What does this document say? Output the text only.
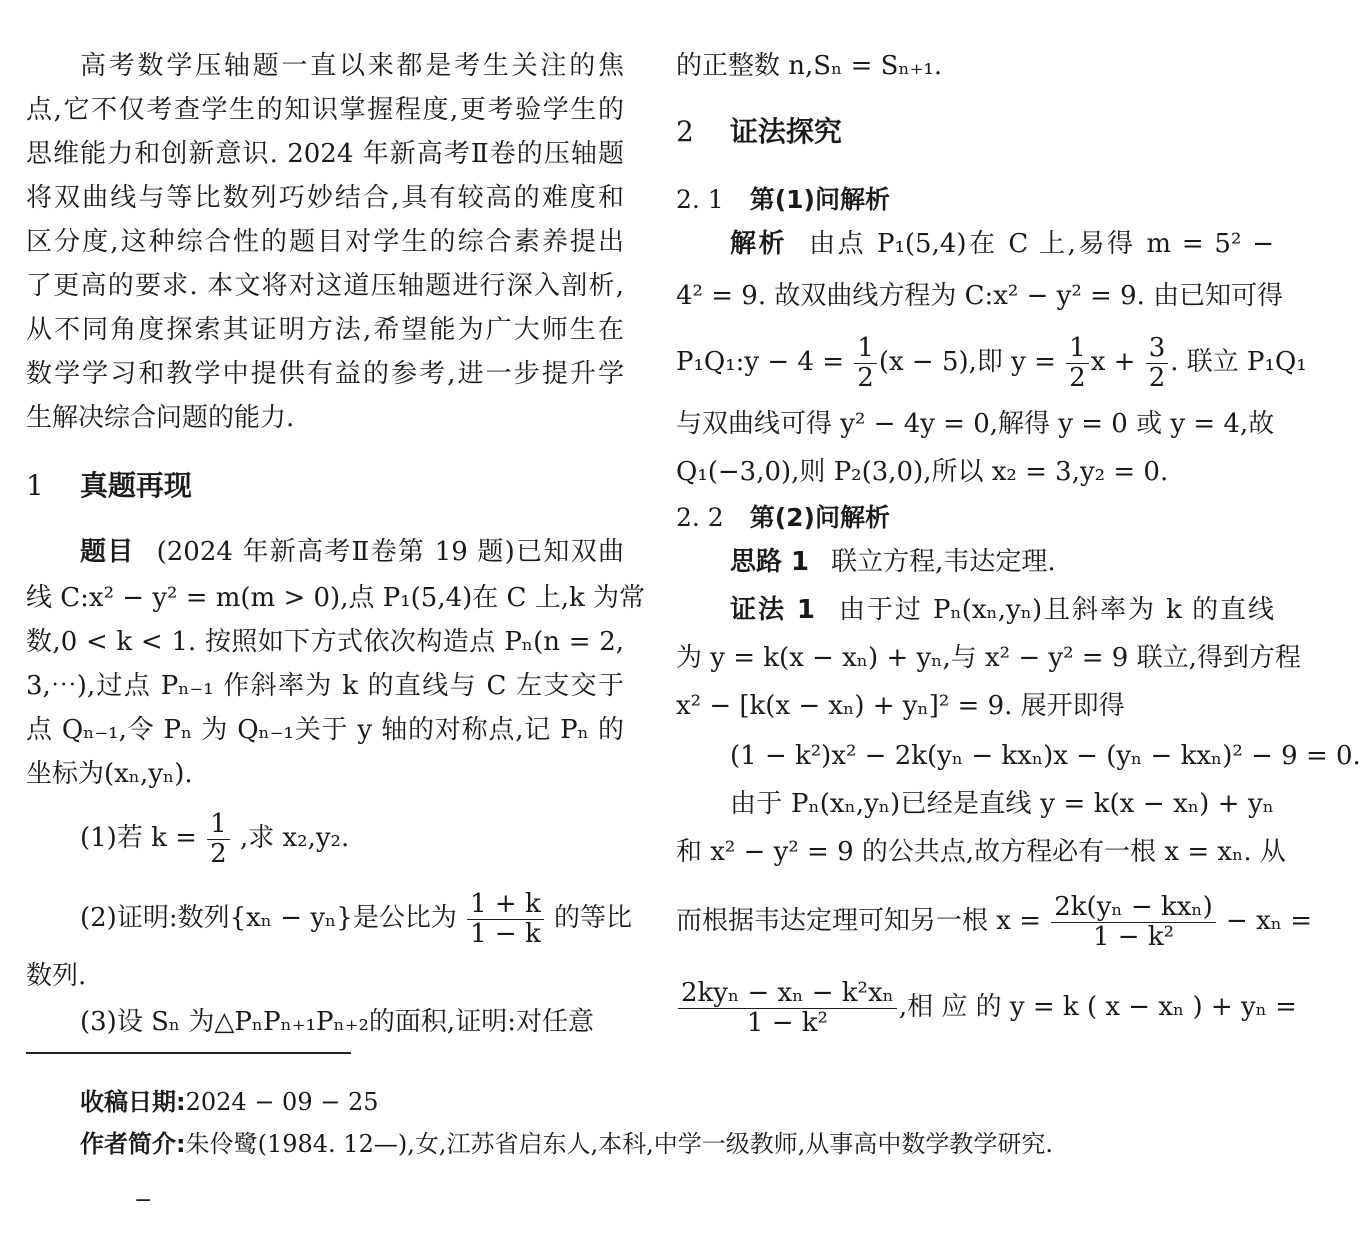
高考数学压轴题一直以来都是考生关注的焦
点,它不仅考查学生的知识掌握程度,更考验学生的
思维能力和创新意识. 2024 年新高考Ⅱ卷的压轴题
将双曲线与等比数列巧妙结合,具有较高的难度和
区分度,这种综合性的题目对学生的综合素养提出
了更高的要求. 本文将对这道压轴题进行深入剖析,
从不同角度探索其证明方法,希望能为广大师生在
数学学习和教学中提供有益的参考,进一步提升学
生解决综合问题的能力.
1 真题再现
题目 (2024 年新高考Ⅱ卷第 19 题)已知双曲
线 C:x² − y² = m(m > 0),点 P₁(5,4)在 C 上,k 为常
数,0 < k < 1. 按照如下方式依次构造点 Pₙ(n = 2,
3,⋯),过点 Pₙ₋₁ 作斜率为 k 的直线与 C 左支交于
点 Qₙ₋₁,令 Pₙ 为 Qₙ₋₁关于 y 轴的对称点,记 Pₙ 的
坐标为(xₙ,yₙ).
(1)若 $k = \frac{1}{2}$ ,求 x₂,y₂.
(2)证明:数列{xₙ − yₙ}是公比为 $\frac{1 + k}{1 - k}$ 的等比
数列.
(3)设 Sₙ 为△PₙPₙ₊₁Pₙ₊₂的面积,证明:对任意
的正整数 n,Sₙ = Sₙ₊₁.
2 证法探究
2. 1 第(1)问解析
解析 由点 P₁(5,4)在 C 上,易得 m = 5² −
4² = 9. 故双曲线方程为 C:x² − y² = 9. 由已知可得
P₁Q₁:y − $4 = \frac{1}{2} (x - 5)$,即 $y = \frac{1}{2}$ $x + \frac{3}{2}$ . 联立 P₁Q₁
与双曲线可得 y² − 4y = 0,解得 y = 0 或 y = 4,故
Q₁(−3,0),则 P₂(3,0),所以 x₂ = 3,y₂ = 0.
2. 2 第(2)问解析
思路 1 联立方程,韦达定理.
证法 1 由于过 Pₙ(xₙ,yₙ)且斜率为 k 的直线
为 y = k(x − xₙ) + yₙ,与 x² − y² = 9 联立,得到方程
x² − [k(x − xₙ) + yₙ]² = 9. 展开即得
(1 − k²)x² − 2k(yₙ − kxₙ)x − (yₙ − kxₙ)² − 9 = 0.
由于 Pₙ(xₙ,yₙ)已经是直线 y = k(x − xₙ) + yₙ
和 x² − y² = 9 的公共点,故方程必有一根 x = xₙ. 从
而根据韦达定理可知另一根 $x = \frac{\text{2k(yₙ − kxₙ)}}{\text{1 − k²}} - x_n$ =
$\frac{\text{2kyₙ − xₙ − k²xₙ}}{\text{1 − k²}}$ ,相 应 的 y = k ( x − xₙ ) + yₙ =
收稿日期:2024 − 09 − 25
作者简介:朱伶鹭(1984. 12—),女,江苏省启东人,本科,中学一级教师,从事高中数学教学研究.
−
